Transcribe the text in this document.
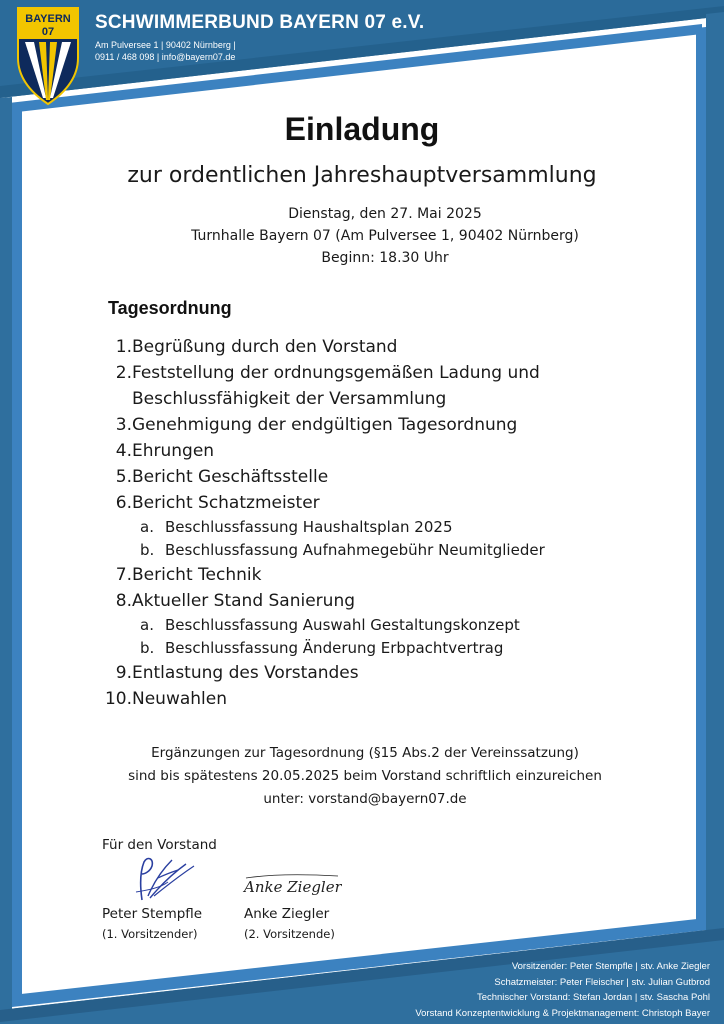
BAYERN
07 SCHWIMMERBUND BAYERN 07 e.V.
Am Pulversee 1 | 90402 Nürnberg |
0911 / 468 098 | info@bayern07.de
Einladung
zur ordentlichen Jahreshauptversammlung
Dienstag, den 27. Mai 2025
Turnhalle Bayern 07 (Am Pulversee 1, 90402 Nürnberg)
Beginn: 18.30 Uhr
Tagesordnung
1. Begrüßung durch den Vorstand
2. Feststellung der ordnungsgemäßen Ladung und
Beschlussfähigkeit der Versammlung
3. Genehmigung der endgültigen Tagesordnung
4. Ehrungen
5. Bericht Geschäftsstelle
6. Bericht Schatzmeister
a. Beschlussfassung Haushaltsplan 2025
b. Beschlussfassung Aufnahmegebühr Neumitglieder
7. Bericht Technik
8. Aktueller Stand Sanierung
a. Beschlussfassung Auswahl Gestaltungskonzept
b. Beschlussfassung Änderung Erbpachtvertrag
9. Entlastung des Vorstandes
10. Neuwahlen
Ergänzungen zur Tagesordnung (§15 Abs.2 der Vereinssatzung)
sind bis spätestens 20.05.2025 beim Vorstand schriftlich einzureichen
unter: vorstand@bayern07.de
Für den Vorstand
Anke Ziegler
Peter Stempfle
(1. Vorsitzender)
Anke Ziegler
(2. Vorsitzende)
Vorsitzender: Peter Stempfle | stv. Anke Ziegler
Schatzmeister: Peter Fleischer | stv. Julian Gutbrod
Technischer Vorstand: Stefan Jordan | stv. Sascha Pohl
Vorstand Konzeptentwicklung & Projektmanagement: Christoph Bayer
